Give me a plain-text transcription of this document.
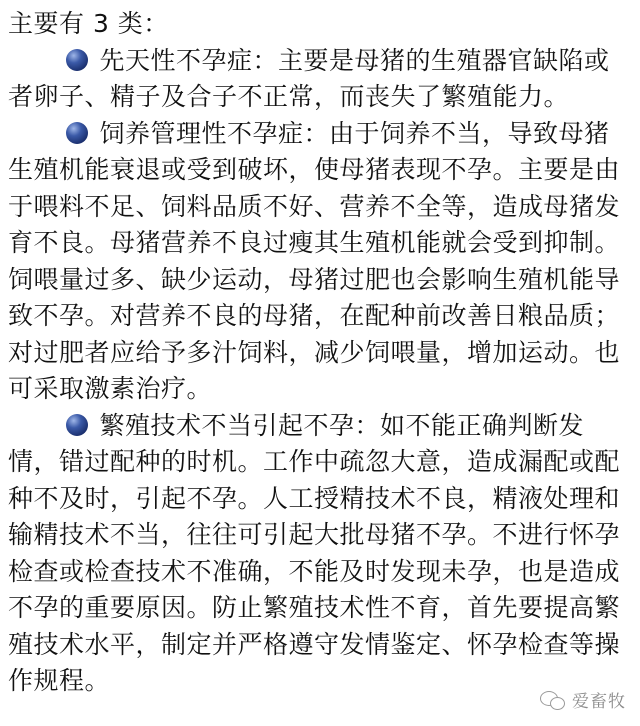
主要有 3 类：

先天性不孕症：主要是母猪的生殖器官缺陷或者卵子、精子及合子不正常，而丧失了繁殖能力。

饲养管理性不孕症：由于饲养不当，导致母猪生殖机能衰退或受到破坏，使母猪表现不孕。主要是由于喂料不足、饲料品质不好、营养不全等，造成母猪发育不良。母猪营养不良过瘦其生殖机能就会受到抑制。饲喂量过多、缺少运动，母猪过肥也会影响生殖机能导致不孕。对营养不良的母猪，在配种前改善日粮品质；对过肥者应给予多汁饲料，减少饲喂量，增加运动。也可采取激素治疗。

繁殖技术不当引起不孕：如不能正确判断发情，错过配种的时机。工作中疏忽大意，造成漏配或配种不及时，引起不孕。人工授精技术不良，精液处理和输精技术不当，往往可引起大批母猪不孕。不进行怀孕检查或检查技术不准确，不能及时发现未孕，也是造成不孕的重要原因。防止繁殖技术性不育，首先要提高繁殖技术水平，制定并严格遵守发情鉴定、怀孕检查等操作规程。

爱畜牧
